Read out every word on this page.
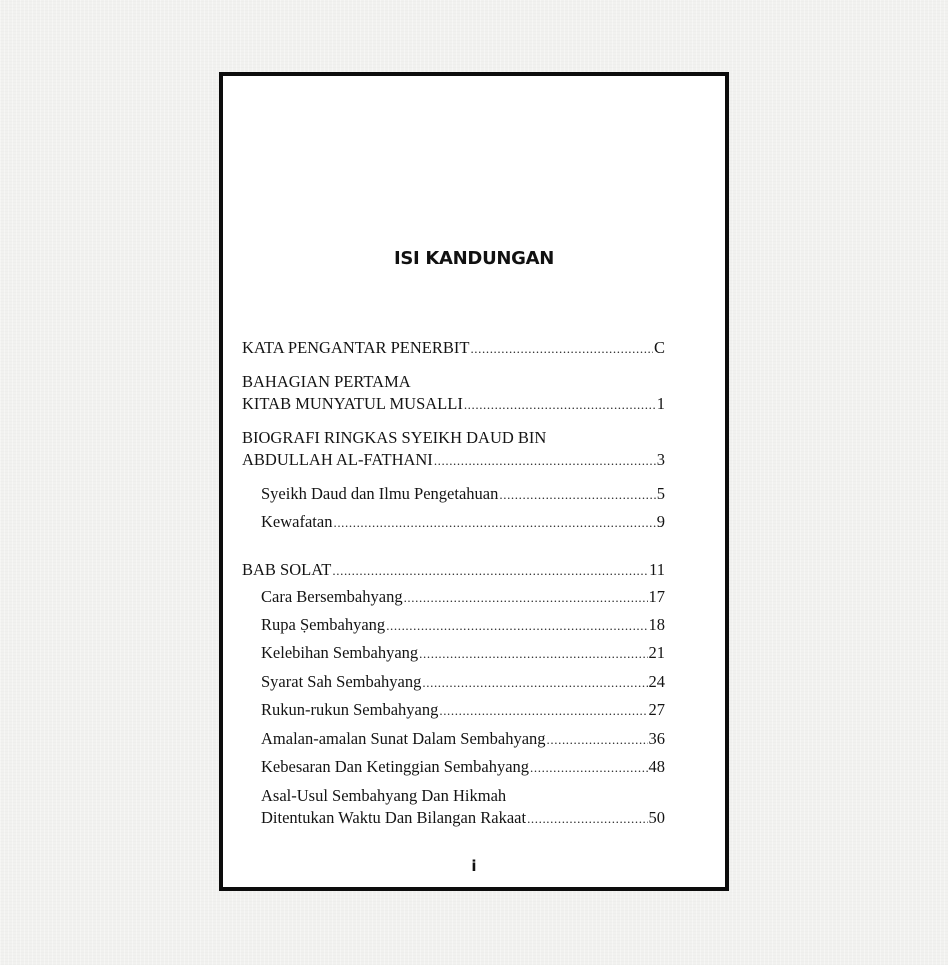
ISI KANDUNGAN
KATA PENGANTAR PENERBIT .....	C
BAHAGIAN PERTAMA
KITAB MUNYATUL MUSALLI .....	1
BIOGRAFI RINGKAS SYEIKH DAUD BIN
ABDULLAH AL-FATHANI .....	3
Syeikh Daud dan Ilmu Pengetahuan .....	5
Kewafatan .....	9
BAB SOLAT .....	11
Cara Bersembahyang .....	17
Rupa Ṣembahyang .....	18
Kelebihan Sembahyang .....	21
Syarat Sah Sembahyang .....	24
Rukun-rukun Sembahyang .....	27
Amalan-amalan Sunat Dalam Sembahyang .....	36
Kebesaran Dan Ketinggian Sembahyang .....	48
Asal-Usul Sembahyang Dan Hikmah
Ditentukan Waktu Dan Bilangan Rakaat .....	50
i
